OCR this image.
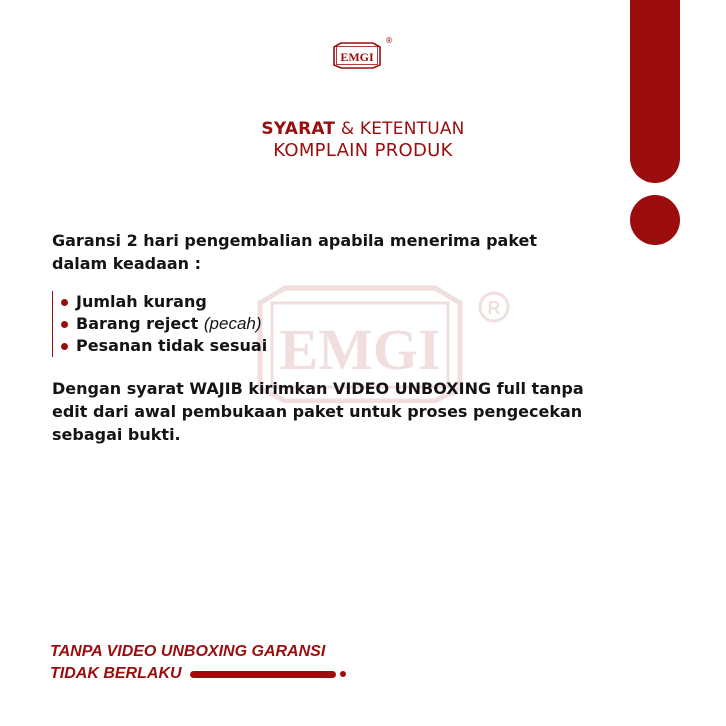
EMGI
®
EMGI
R
SYARAT & KETENTUAN
KOMPLAIN PRODUK
Garansi 2 hari pengembalian apabila menerima paket dalam keadaan :
Jumlah kurang
Barang reject
(pecah)
Pesanan tidak sesuai
Dengan syarat WAJIB kirimkan VIDEO UNBOXING full tanpa edit dari awal pembukaan paket untuk proses pengecekan sebagai bukti.
TANPA VIDEO UNBOXING GARANSI
TIDAK BERLAKU
